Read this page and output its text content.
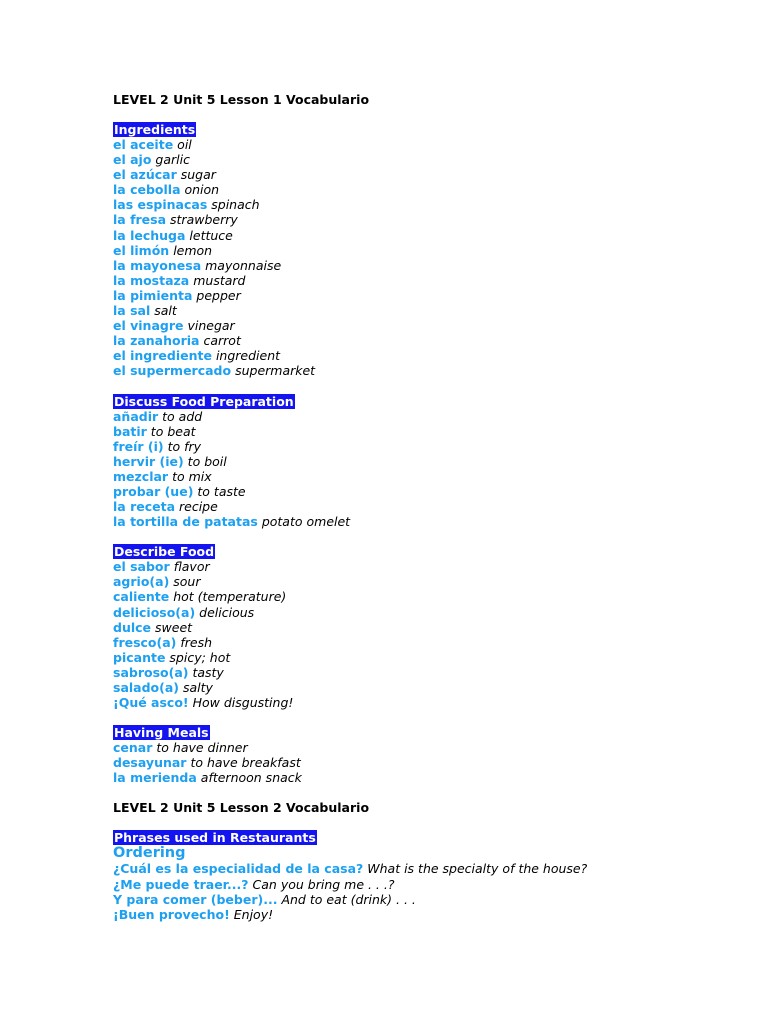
LEVEL 2 Unit 5 Lesson 1 Vocabulario
Ingredients
el aceite oil
el ajo garlic
el azúcar sugar
la cebolla onion
las espinacas spinach
la fresa strawberry
la lechuga lettuce
el limón lemon
la mayonesa mayonnaise
la mostaza mustard
la pimienta pepper
la sal salt
el vinagre vinegar
la zanahoria carrot
el ingrediente ingredient
el supermercado supermarket
Discuss Food Preparation
añadir to add
batir to beat
freír (i) to fry
hervir (ie) to boil
mezclar to mix
probar (ue) to taste
la receta recipe
la tortilla de patatas potato omelet
Describe Food
el sabor flavor
agrio(a) sour
caliente hot (temperature)
delicioso(a) delicious
dulce sweet
fresco(a) fresh
picante spicy; hot
sabroso(a) tasty
salado(a) salty
¡Qué asco! How disgusting!
Having Meals
cenar to have dinner
desayunar to have breakfast
la merienda afternoon snack
LEVEL 2 Unit 5 Lesson 2 Vocabulario
Phrases used in Restaurants
Ordering
¿Cuál es la especialidad de la casa? What is the specialty of the house?
¿Me puede traer...? Can you bring me . . .?
Y para comer (beber)... And to eat (drink) . . .
¡Buen provecho! Enjoy!
